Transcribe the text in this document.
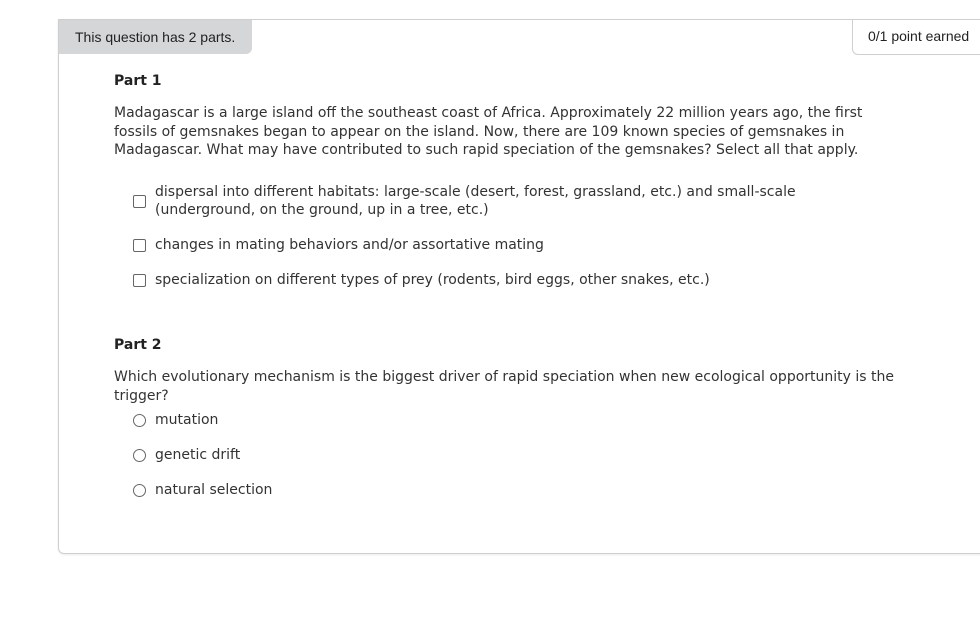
This question has 2 parts.	0/1 point earned
Part 1
Madagascar is a large island off the southeast coast of Africa. Approximately 22 million years ago, the first fossils of gemsnakes began to appear on the island. Now, there are 109 known species of gemsnakes in Madagascar. What may have contributed to such rapid speciation of the gemsnakes? Select all that apply.
dispersal into different habitats: large-scale (desert, forest, grassland, etc.) and small-scale (underground, on the ground, up in a tree, etc.)
changes in mating behaviors and/or assortative mating
specialization on different types of prey (rodents, bird eggs, other snakes, etc.)
Part 2
Which evolutionary mechanism is the biggest driver of rapid speciation when new ecological opportunity is the trigger?
mutation
genetic drift
natural selection
